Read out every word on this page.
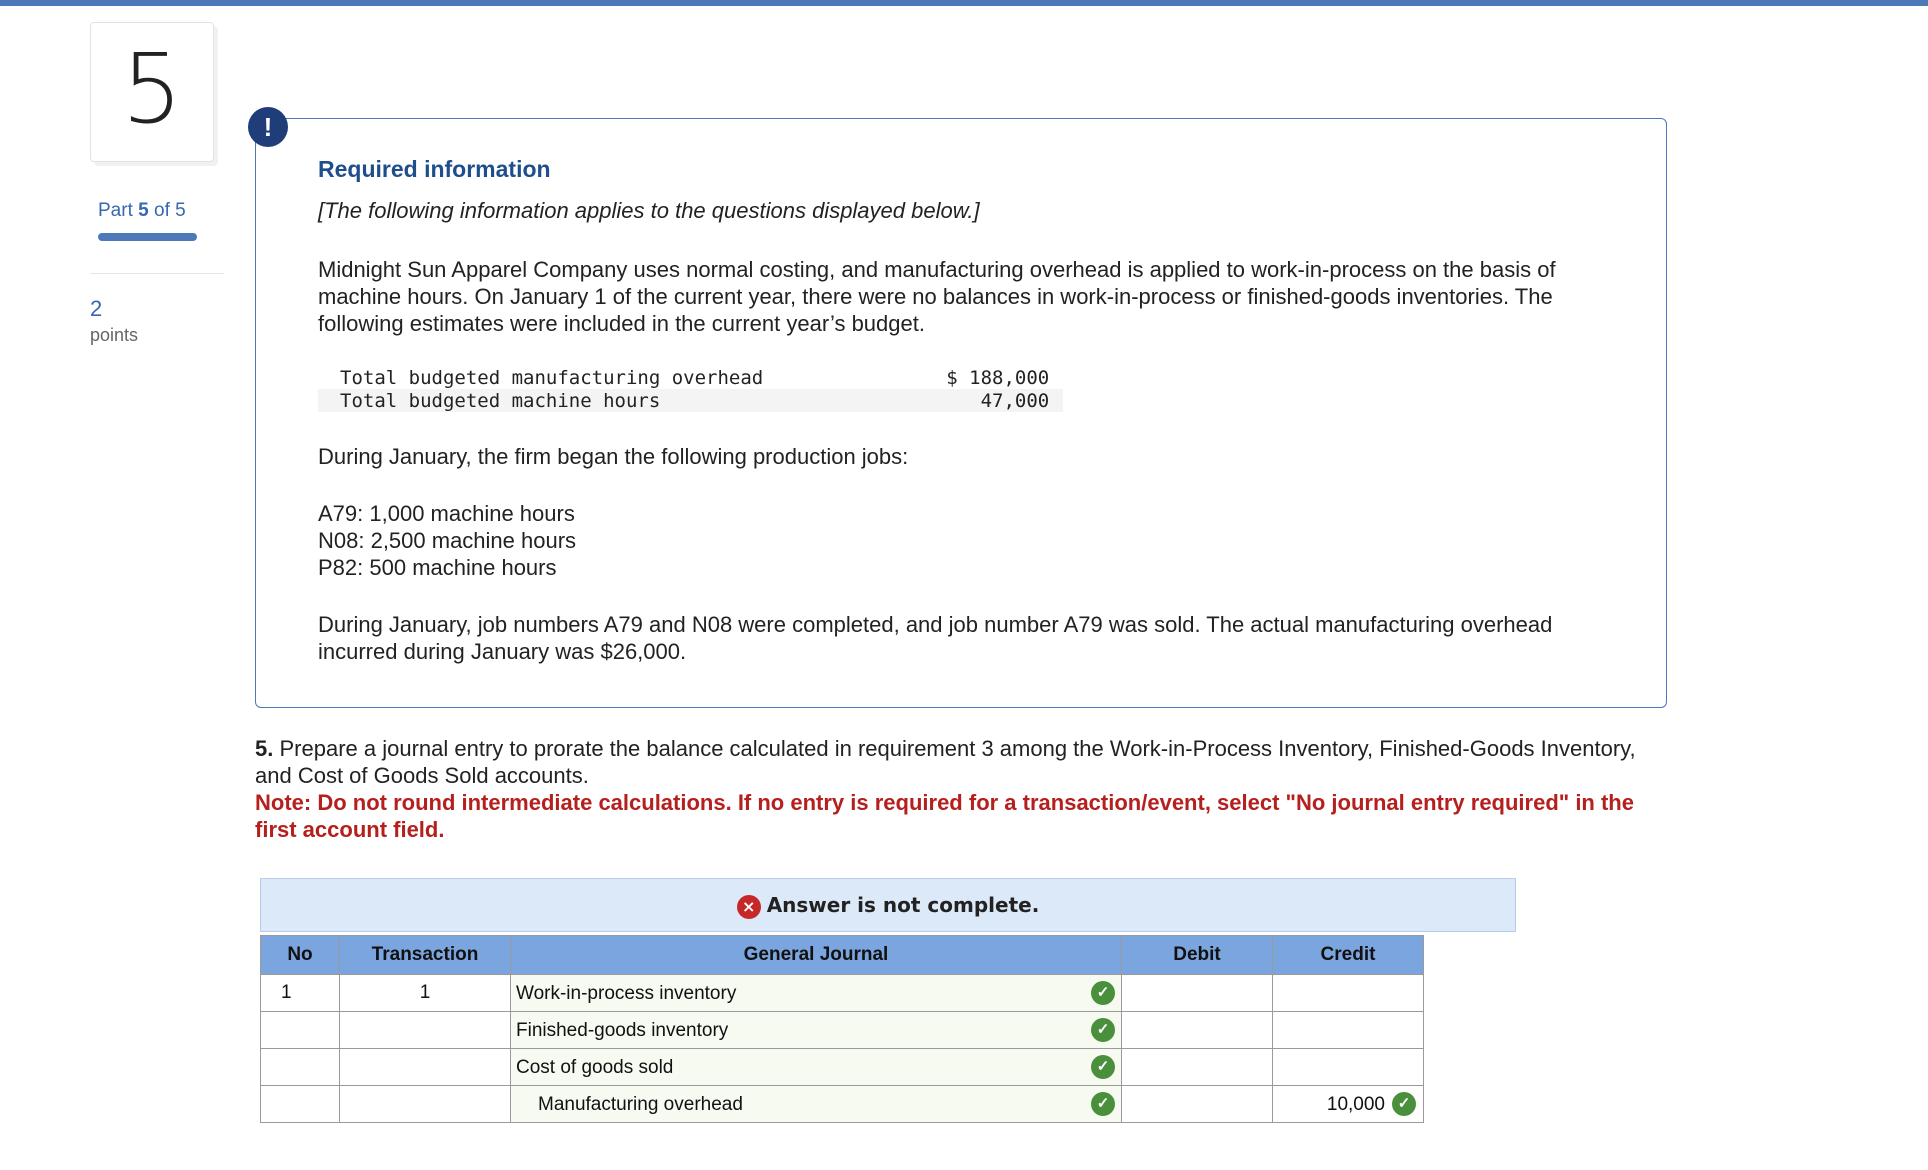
5
Part 5 of 5
2
points
!
Required information
[The following information applies to the questions displayed below.]
Midnight Sun Apparel Company uses normal costing, and manufacturing overhead is applied to work-in-process on the basis of machine hours. On January 1 of the current year, there were no balances in work-in-process or finished-goods inventories. The following estimates were included in the current year’s budget.
Total budgeted manufacturing overhead	$ 188,000
Total budgeted machine hours	47,000
During January, the firm began the following production jobs:
A79: 1,000 machine hours
N08: 2,500 machine hours
P82: 500 machine hours
During January, job numbers A79 and N08 were completed, and job number A79 was sold. The actual manufacturing overhead incurred during January was $26,000.
5. Prepare a journal entry to prorate the balance calculated in requirement 3 among the Work-in-Process Inventory, Finished-Goods Inventory, and Cost of Goods Sold accounts.
Note: Do not round intermediate calculations. If no entry is required for a transaction/event, select "No journal entry required" in the first account field.
× Answer is not complete.
No	Transaction	General Journal	Debit	Credit
1	1	Work-in-process inventory ✓		

		Finished-goods inventory ✓		

		Cost of goods sold ✓		

		Manufacturing overhead ✓		10,000 ✓
